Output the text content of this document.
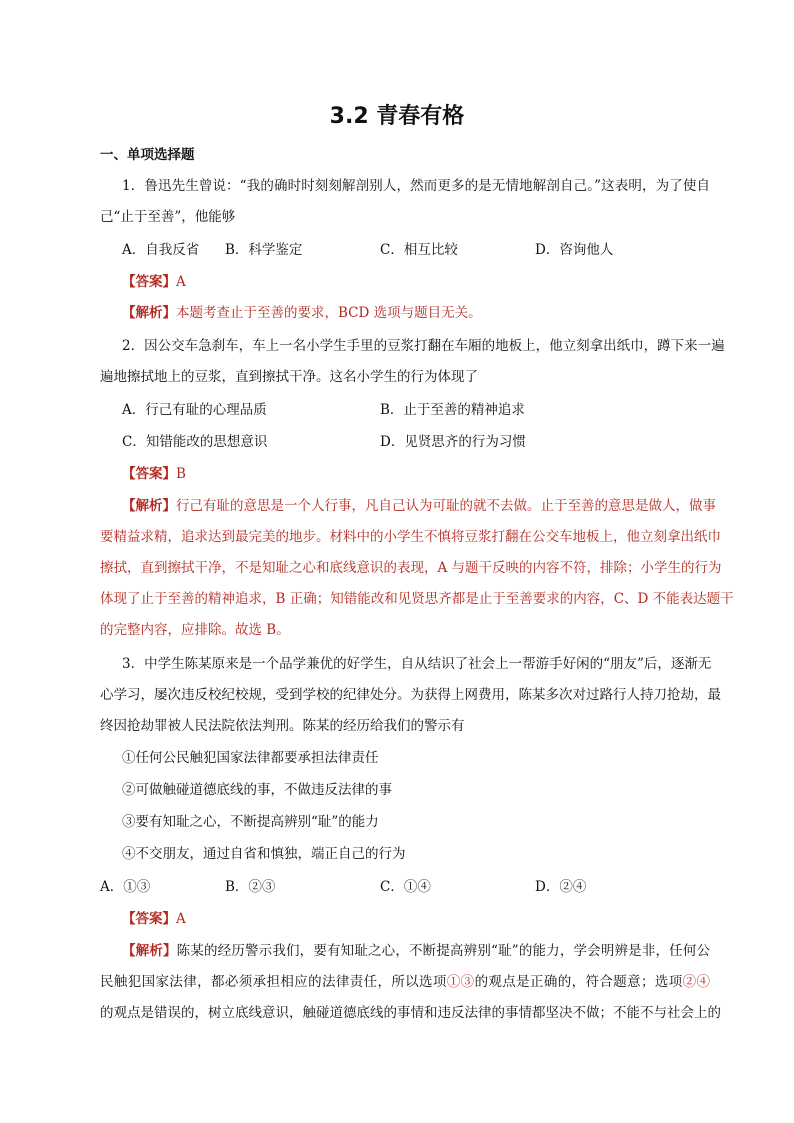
3.2 青春有格
一、单项选择题
1．鲁迅先生曾说：“我的确时时刻刻解剖别人，然而更多的是无情地解剖自己。”这表明，为了使自
己“止于至善”，他能够
A．自我反省 B．科学鉴定	C．相互比较	D．咨询他人
【答案】A
【解析】本题考查止于至善的要求，BCD 选项与题目无关。
2．因公交车急刹车，车上一名小学生手里的豆浆打翻在车厢的地板上，他立刻拿出纸巾，蹲下来一遍
遍地擦拭地上的豆浆，直到擦拭干净。这名小学生的行为体现了
A．行己有耻的心理品质	B．止于至善的精神追求
C．知错能改的思想意识	D．见贤思齐的行为习惯
【答案】B
【解析】行己有耻的意思是一个人行事，凡自己认为可耻的就不去做。止于至善的意思是做人，做事
要精益求精，追求达到最完美的地步。材料中的小学生不慎将豆浆打翻在公交车地板上，他立刻拿出纸巾
擦拭，直到擦拭干净，不是知耻之心和底线意识的表现，A 与题干反映的内容不符，排除；小学生的行为
体现了止于至善的精神追求，B 正确；知错能改和见贤思齐都是止于至善要求的内容，C、D 不能表达题干
的完整内容，应排除。故选 B。
3．中学生陈某原来是一个品学兼优的好学生，自从结识了社会上一帮游手好闲的“朋友”后，逐渐无
心学习，屡次违反校纪校规，受到学校的纪律处分。为获得上网费用，陈某多次对过路行人持刀抢劫，最
终因抢劫罪被人民法院依法判刑。陈某的经历给我们的警示有
①任何公民触犯国家法律都要承担法律责任
②可做触碰道德底线的事，不做违反法律的事
③要有知耻之心，不断提高辨别“耻”的能力
④不交朋友，通过自省和慎独，端正自己的行为
A．①③	B．②③	C．①④	D．②④
【答案】A
【解析】陈某的经历警示我们，要有知耻之心，不断提高辨别“耻”的能力，学会明辨是非，任何公
民触犯国家法律，都必须承担相应的法律责任，所以选项①③的观点是正确的，符合题意；选项②④
的观点是错误的，树立底线意识，触碰道德底线的事情和违反法律的事情都坚决不做；不能不与社会上的
